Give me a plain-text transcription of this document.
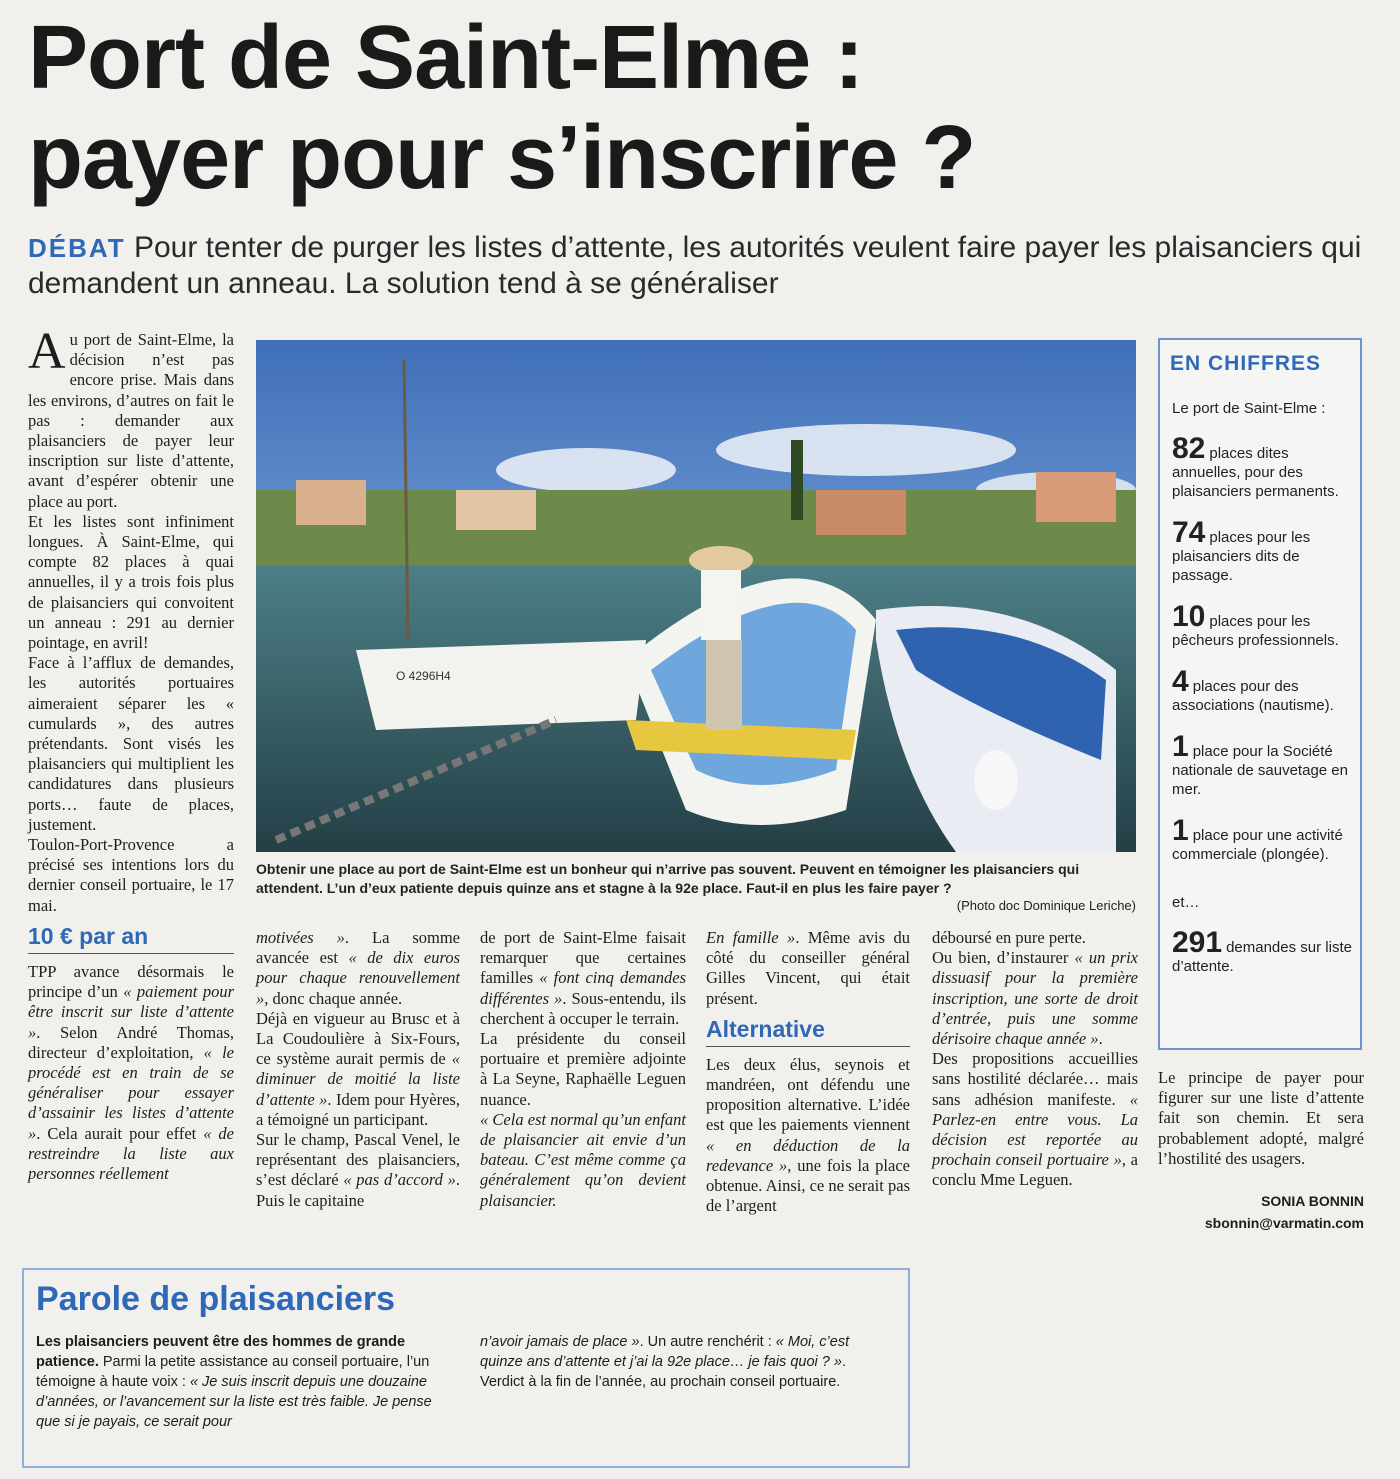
Port de Saint-Elme :
payer pour s’inscrire ?
DÉBAT Pour tenter de purger les listes d’attente, les autorités veulent faire payer les plaisanciers qui demandent un anneau. La solution tend à se généraliser

Au port de Saint-Elme, la décision n’est pas encore prise. Mais dans les environs, d’autres on fait le pas : demander aux plaisanciers de payer leur inscription sur liste d’attente, avant d’espérer obtenir une place au port.

Et les listes sont infiniment longues. À Saint-Elme, qui compte 82 places à quai annuelles, il y a trois fois plus de plaisanciers qui convoitent un anneau : 291 au dernier pointage, en avril!

Face à l’afflux de demandes, les autorités portuaires aimeraient séparer les « cumulards », des autres prétendants. Sont visés les plaisanciers qui multiplient les candidatures dans plusieurs ports… faute de places, justement.

Toulon-Port-Provence a précisé ses intentions lors du dernier conseil portuaire, le 17 mai.

10 € par an

TPP avance désormais le principe d’un « paiement pour être inscrit sur liste d’attente ». Selon André Thomas, directeur d’exploitation, « le procédé est en train de se généraliser pour essayer d’assainir les listes d’attente ». Cela aurait pour effet « de restreindre la liste aux personnes réellement

O 4296H4
Obtenir une place au port de Saint-Elme est un bonheur qui n’arrive pas souvent. Peuvent en témoigner les plaisanciers qui attendent. L’un d’eux patiente depuis quinze ans et stagne à la 92e place. Faut-il en plus les faire payer ?
(Photo doc Dominique Leriche)

motivées ». La somme avancée est « de dix euros pour chaque renouvellement », donc chaque année.

Déjà en vigueur au Brusc et à La Coudoulière à Six-Fours, ce système aurait permis de « diminuer de moitié la liste d’attente ». Idem pour Hyères, a témoigné un participant.

Sur le champ, Pascal Venel, le représentant des plaisanciers, s’est déclaré « pas d’accord ». Puis le capitaine

de port de Saint-Elme faisait remarquer que certaines familles « font cinq demandes différentes ». Sous-entendu, ils cherchent à occuper le terrain.

La présidente du conseil portuaire et première adjointe à La Seyne, Raphaëlle Leguen nuance.

« Cela est normal qu’un enfant de plaisancier ait envie d’un bateau. C’est même comme ça généralement qu’on devient plaisancier.

En famille ». Même avis du côté du conseiller général Gilles Vincent, qui était présent.

Alternative

Les deux élus, seynois et mandréen, ont défendu une proposition alternative. L’idée est que les paiements viennent « en déduction de la redevance », une fois la place obtenue. Ainsi, ce ne serait pas de l’argent

déboursé en pure perte.

Ou bien, d’instaurer « un prix dissuasif pour la première inscription, une sorte de droit d’entrée, puis une somme dérisoire chaque année ».

Des propositions accueillies sans hostilité déclarée… mais sans adhésion manifeste. « Parlez-en entre vous. La décision est reportée au prochain conseil portuaire », a conclu Mme Leguen.

EN CHIFFRES
Le port de Saint-Elme :
82 places dites annuelles, pour des plaisanciers permanents.
74 places pour les plaisanciers dits de passage.
10 places pour les pêcheurs professionnels.
4 places pour des associations (nautisme).
1 place pour la Société nationale de sauvetage en mer.
1 place pour une activité commerciale (plongée).
et…
291 demandes sur liste d’attente.

Le principe de payer pour figurer sur une liste d’attente fait son chemin. Et sera probablement adopté, malgré l’hostilité des usagers.

SONIA BONNIN
sbonnin@varmatin.com
Parole de plaisanciers

Les plaisanciers peuvent être des hommes de grande patience. Parmi la petite assistance au conseil portuaire, l’un témoigne à haute voix : « Je suis inscrit depuis une douzaine d’années, or l’avancement sur la liste est très faible. Je pense que si je payais, ce serait pour

n’avoir jamais de place ». Un autre renchérit : « Moi, c’est quinze ans d’attente et j’ai la 92e place… je fais quoi ? ».

Verdict à la fin de l’année, au prochain conseil portuaire.
